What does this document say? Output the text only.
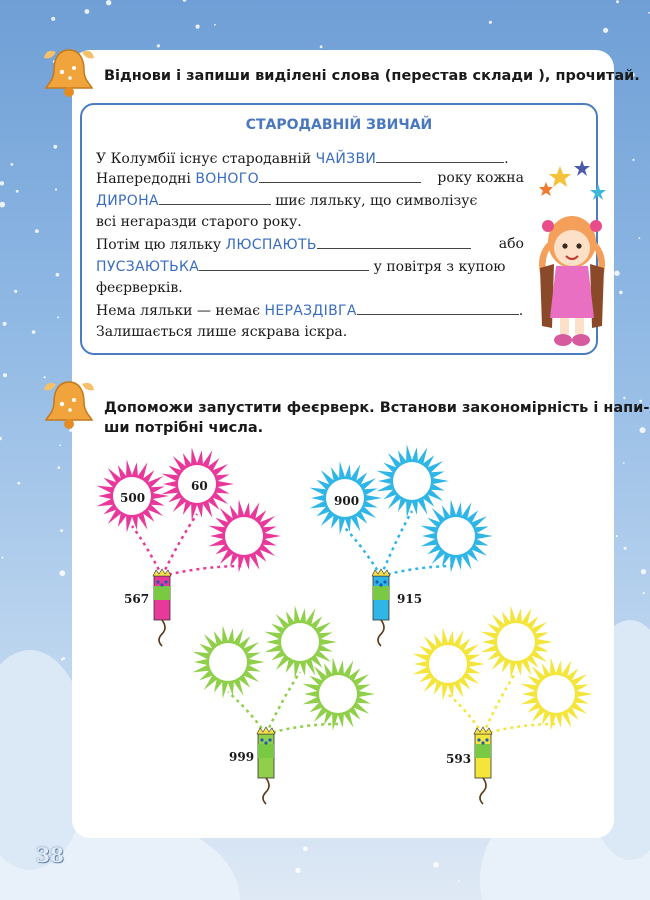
Віднови і запиши виділені слова (перестав склади ), прочитай.
СТАРОДАВНІЙ ЗВИЧАЙ
У Колумбії існує стародавній ЧАЙЗВИ	.
Напередодні ВОНОГО	року кожна
ДИРОНА	шиє ляльку, що символізує
всі негаразди старого року.
Потім цю ляльку ЛЮСПАЮТЬ	або
ПУСЗАЮТЬКА	у повітря з купою
феєрверків.
Нема ляльки — немає НЕРАЗДІВГА	.
Залишається лише яскрава іскра.
Допоможи запустити феєрверк. Встанови закономірність і напи-
ши потрібні числа.
500
60
567
900
915
999	593
38
